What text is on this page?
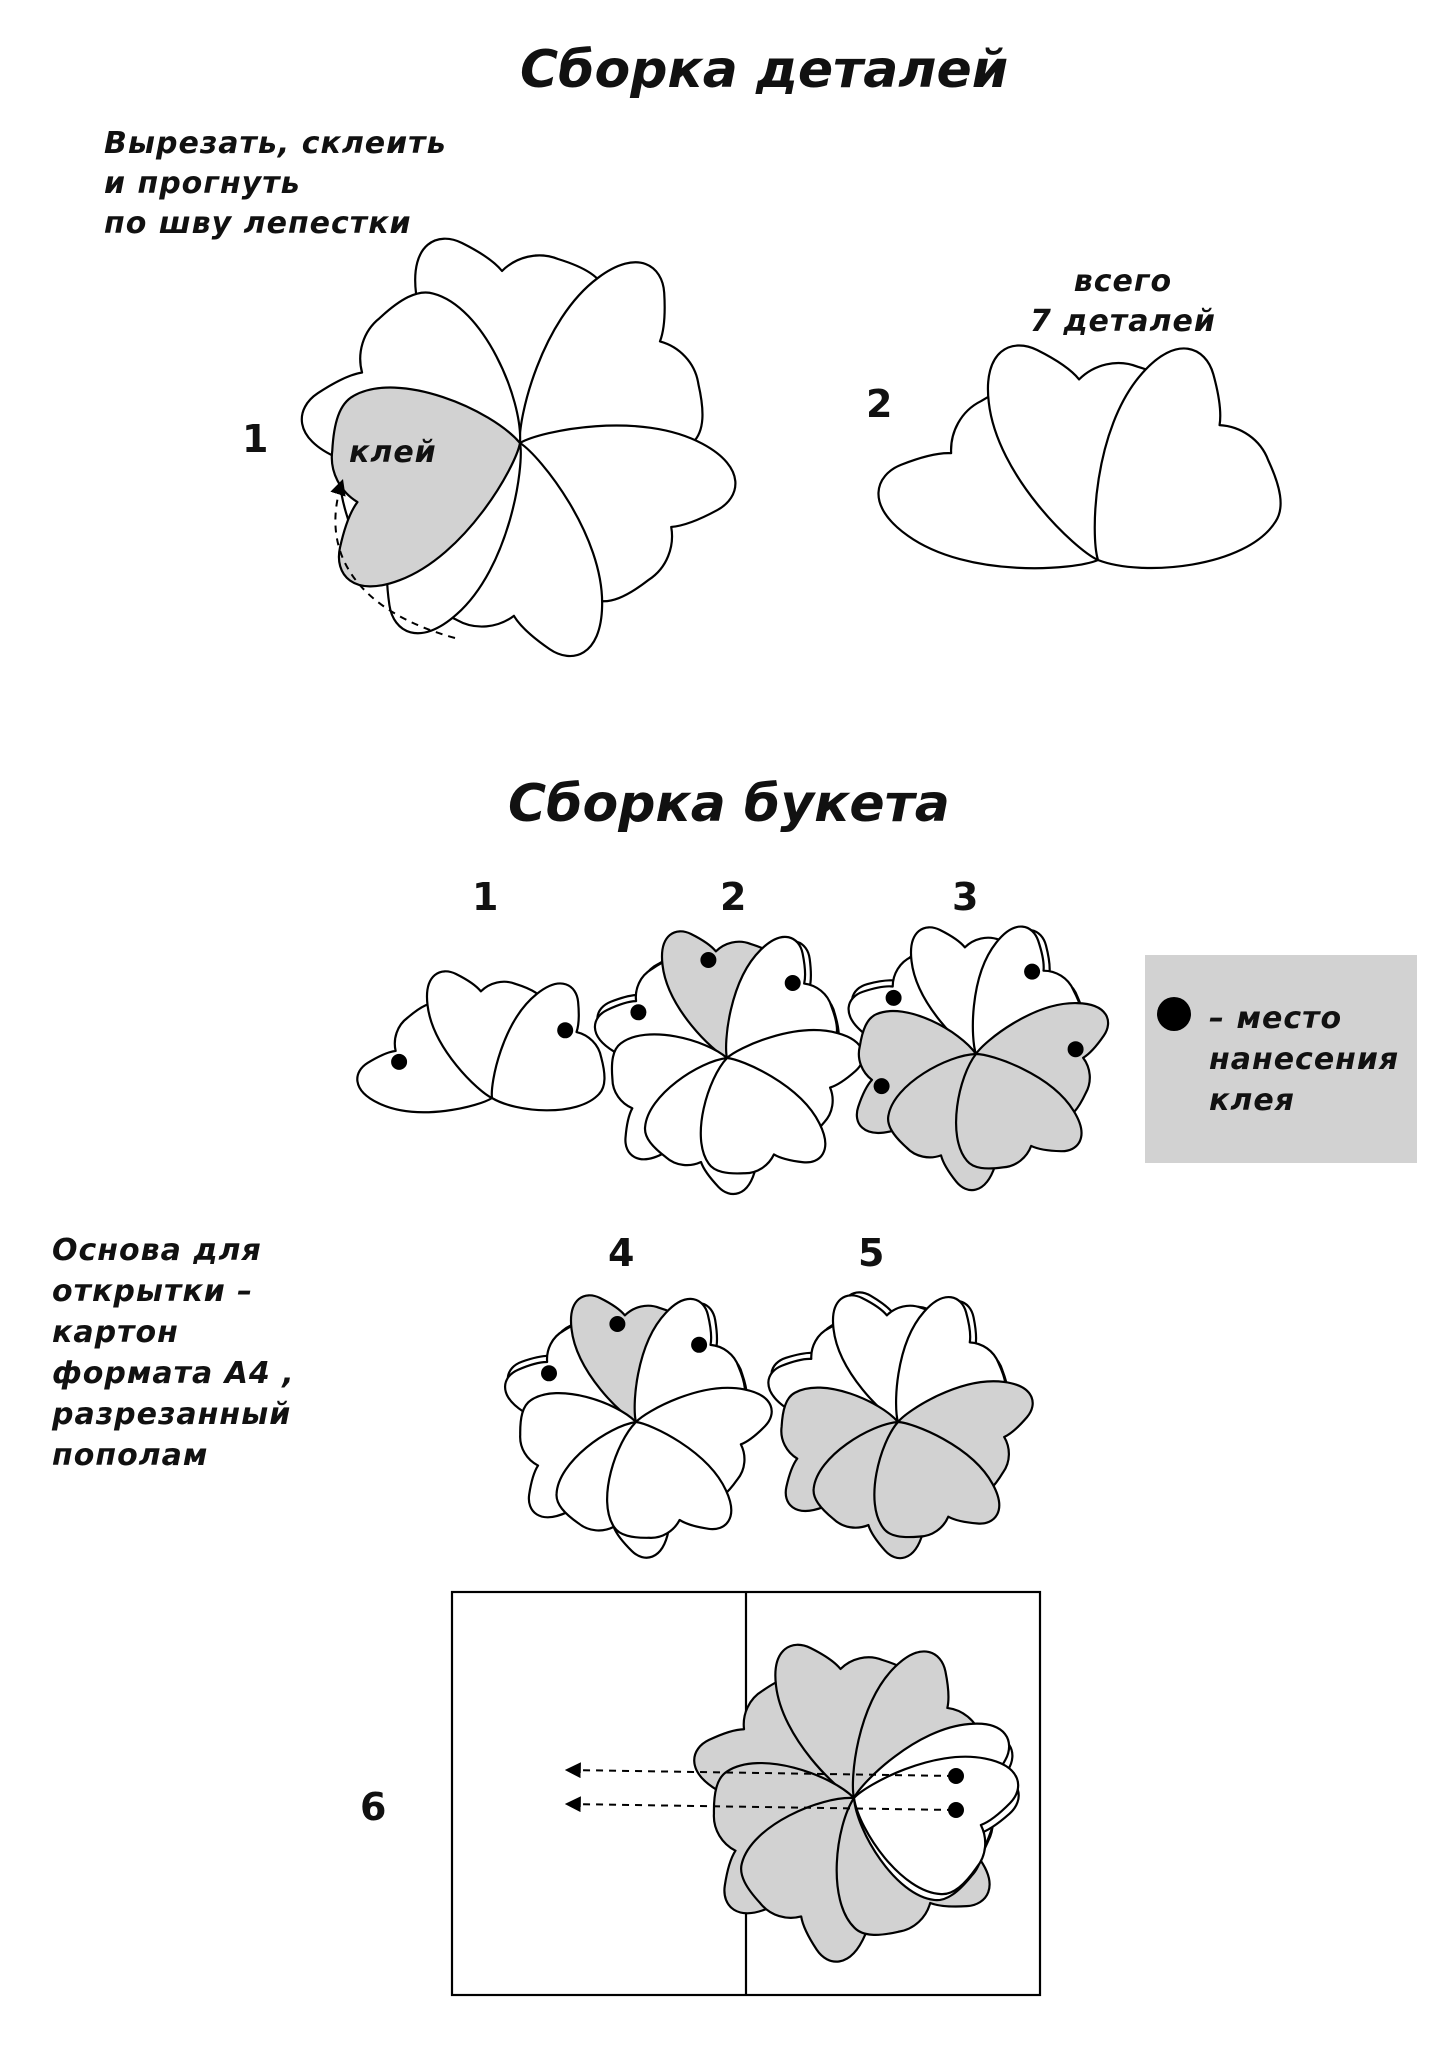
Сборка деталей

Вырезать, склеить
и прогнуть
по шву лепестки

клей

всего
7 деталей

1

2

Сборка букета

1	2	3

4	5

6

– место
нанесения
клея

Основа для
открытки –
картон
формата А4 ,
разрезанный
пополам
